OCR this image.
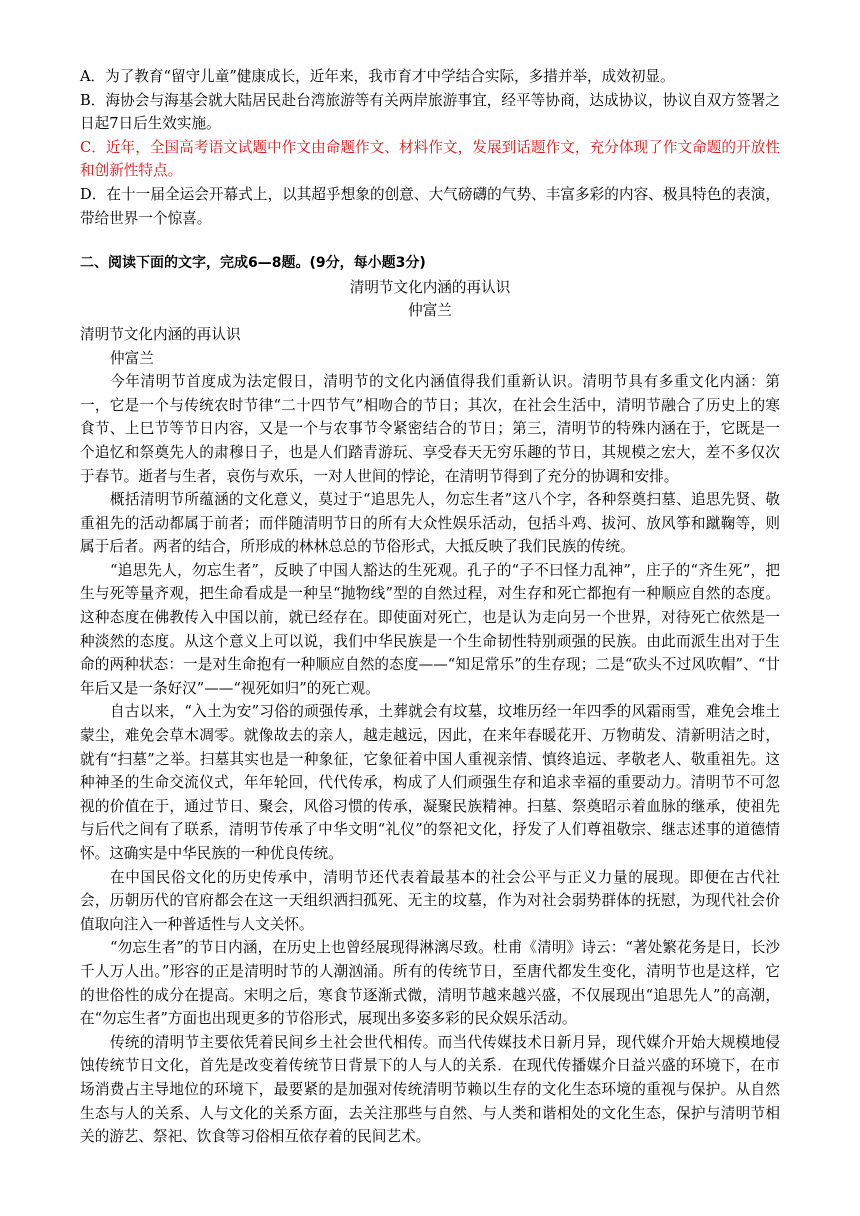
A．为了教育“留守儿童”健康成长，近年来，我市育才中学结合实际，多措并举，成效初显。

B．海协会与海基会就大陆居民赴台湾旅游等有关两岸旅游事宜，经平等协商，达成协议，协议自双方签署之日起7日后生效实施。

C．近年，全国高考语文试题中作文由命题作文、材料作文，发展到话题作文，充分体现了作文命题的开放性和创新性特点。

D．在十一届全运会开幕式上，以其超乎想象的创意、大气磅礴的气势、丰富多彩的内容、极具特色的表演，带给世界一个惊喜。

二、阅读下面的文字，完成6—8题。(9分，每小题3分)

清明节文化内涵的再认识

仲富兰

清明节文化内涵的再认识

仲富兰

今年清明节首度成为法定假日，清明节的文化内涵值得我们重新认识。清明节具有多重文化内涵：第一，它是一个与传统农时节律“二十四节气”相吻合的节日；其次，在社会生活中，清明节融合了历史上的寒食节、上巳节等节日内容，又是一个与农事节令紧密结合的节日；第三，清明节的特殊内涵在于，它既是一个追忆和祭奠先人的肃穆日子，也是人们踏青游玩、享受春天无穷乐趣的节日，其规模之宏大，差不多仅次于春节。逝者与生者，哀伤与欢乐，一对人世间的悖论，在清明节得到了充分的协调和安排。

概括清明节所蕴涵的文化意义，莫过于“追思先人，勿忘生者”这八个字，各种祭奠扫墓、追思先贤、敬重祖先的活动都属于前者；而伴随清明节日的所有大众性娱乐活动，包括斗鸡、拔河、放风筝和蹴鞠等，则属于后者。两者的结合，所形成的林林总总的节俗形式，大抵反映了我们民族的传统。

“追思先人，勿忘生者”，反映了中国人豁达的生死观。孔子的“子不曰怪力乱神”，庄子的“齐生死”，把生与死等量齐观，把生命看成是一种呈“抛物线”型的自然过程，对生存和死亡都抱有一种顺应自然的态度。这种态度在佛教传入中国以前，就已经存在。即使面对死亡，也是认为走向另一个世界，对待死亡依然是一种淡然的态度。从这个意义上可以说，我们中华民族是一个生命韧性特别顽强的民族。由此而派生出对于生命的两种状态：一是对生命抱有一种顺应自然的态度——“知足常乐”的生存现；二是“砍头不过风吹帽”、“廿年后又是一条好汉”——“视死如归”的死亡观。

自古以来，“入土为安”习俗的顽强传承，土葬就会有坟墓，坟堆历经一年四季的风霜雨雪，难免会堆土蒙尘，难免会草木凋零。就像故去的亲人，越走越远，因此，在来年春暖花开、万物萌发、清新明洁之时，就有“扫墓”之举。扫墓其实也是一种象征，它象征着中国人重视亲情、慎终追远、孝敬老人、敬重祖先。这种神圣的生命交流仪式，年年轮回，代代传承，构成了人们顽强生存和追求幸福的重要动力。清明节不可忽视的价值在于，通过节日、聚会，风俗习惯的传承，凝聚民族精神。扫墓、祭奠昭示着血脉的继承，使祖先与后代之间有了联系，清明节传承了中华文明“礼仪”的祭祀文化，抒发了人们尊祖敬宗、继志述事的道德情怀。这确实是中华民族的一种优良传统。

在中国民俗文化的历史传承中，清明节还代表着最基本的社会公平与正义力量的展现。即便在古代社会，历朝历代的官府都会在这一天组织洒扫孤死、无主的坟墓，作为对社会弱势群体的抚慰，为现代社会价值取向注入一种普适性与人文关怀。

“勿忘生者”的节日内涵，在历史上也曾经展现得淋漓尽致。杜甫《清明》诗云：“著处繁花务是日，长沙千人万人出。”形容的正是清明时节的人潮汹涌。所有的传统节日，至唐代都发生变化，清明节也是这样，它的世俗性的成分在提高。宋明之后，寒食节逐渐式微，清明节越来越兴盛，不仅展现出“追思先人”的高潮，在“勿忘生者”方面也出现更多的节俗形式，展现出多姿多彩的民众娱乐活动。

传统的清明节主要依凭着民间乡土社会世代相传。而当代传媒技术日新月异，现代媒介开始大规模地侵蚀传统节日文化，首先是改变着传统节日背景下的人与人的关系．在现代传播媒介日益兴盛的环境下，在市场消费占主导地位的环境下，最要紧的是加强对传统清明节赖以生存的文化生态环境的重视与保护。从自然生态与人的关系、人与文化的关系方面，去关注那些与自然、与人类和谐相处的文化生态，保护与清明节相关的游艺、祭祀、饮食等习俗相互依存着的民间艺术。
